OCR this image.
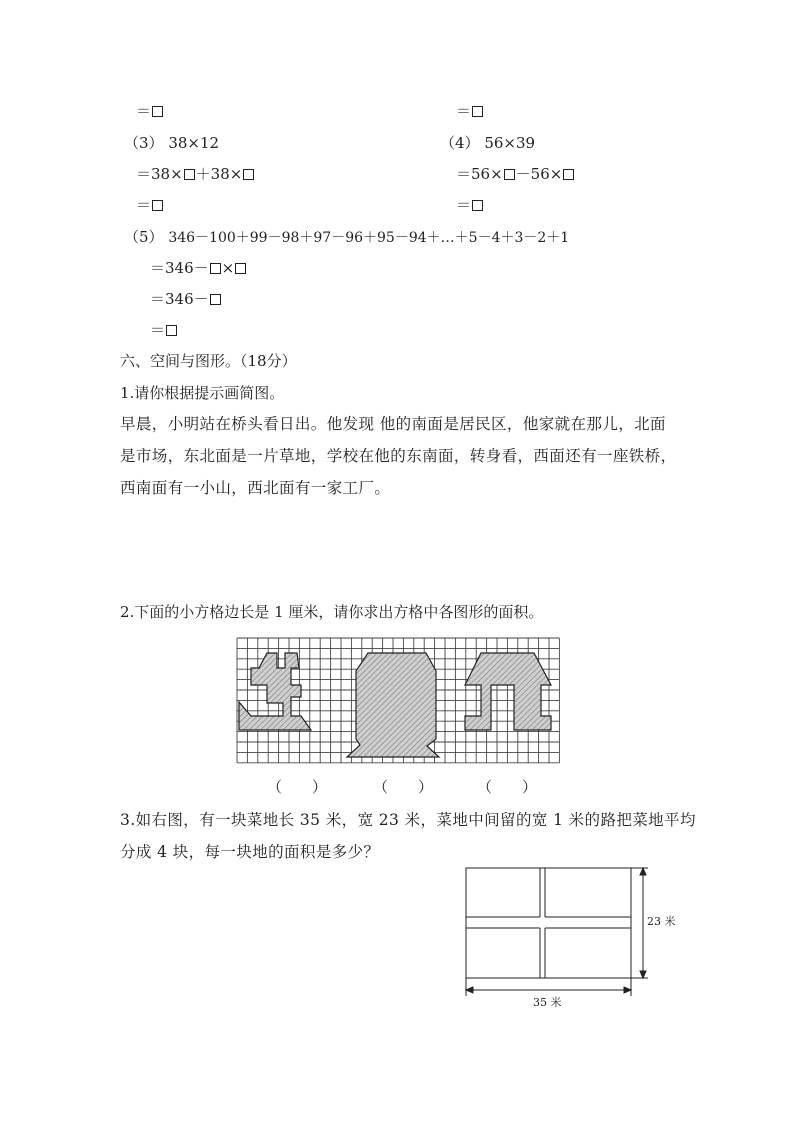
＝	＝
（3） 38×12	（4） 56×39
＝38× ＋38×	＝56× －56×
＝	＝
（5） 346－100＋99－98＋97－96＋95－94＋…＋5－4＋3－2＋1
＝346－ ×
＝346－
＝
六、空间与图形。（18分）
1.请你根据提示画简图。
早晨，小明站在桥头看日出。他发现 他的南面是居民区，他家就在那儿，北面
是市场，东北面是一片草地，学校在他的东南面，转身看，西面还有一座铁桥，
西南面有一小山，西北面有一家工厂。
2.下面的小方格边长是 1 厘米，请你求出方格中各图形的面积。
（　　）	（　　）	（　　）
3.如右图，有一块菜地长 35 米，宽 23 米，菜地中间留的宽 1 米的路把菜地平均
分成 4 块，每一块地的面积是多少？
23 米
35 米
